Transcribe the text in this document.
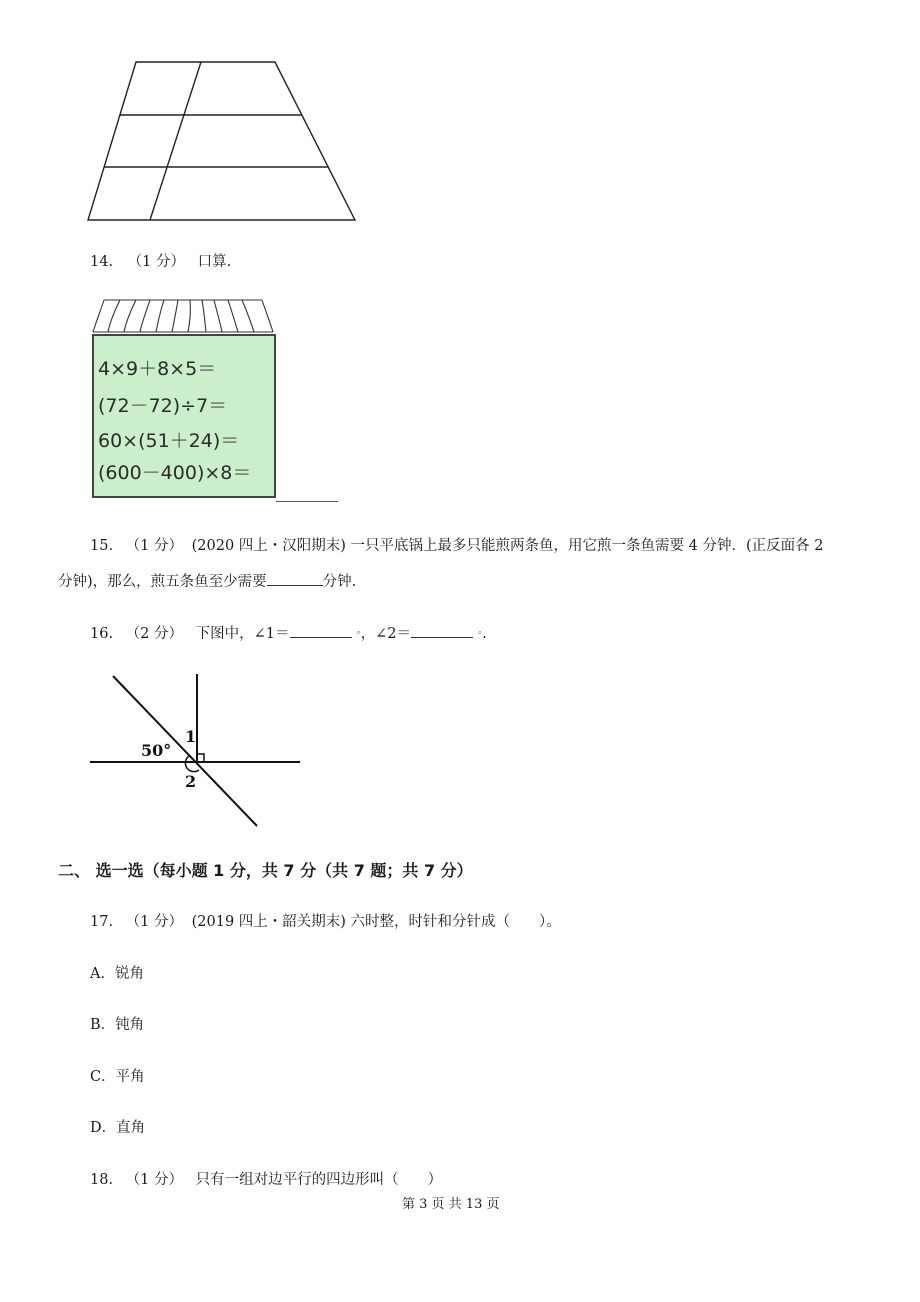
14. （1 分） 口算.
4×9＋8×5＝
(72－72)÷7＝
60×(51＋24)＝
(600－400)×8＝
15. （1 分） (2020 四上・汉阳期末) 一只平底锅上最多只能煎两条鱼，用它煎一条鱼需要 4 分钟．(正反面各 2
分钟)，那么，煎五条鱼至少需要	分钟.
16. （2 分） 下图中，∠1＝	°，∠2＝	°.
50°
1
2
二、 选一选（每小题 1 分，共 7 分（共 7 题；共 7 分）
17. （1 分） (2019 四上・韶关期末) 六时整，时针和分针成（　　）。
A．锐角
B．钝角
C．平角
D．直角
18. （1 分） 只有一组对边平行的四边形叫（　　）
第 3 页 共 13 页
